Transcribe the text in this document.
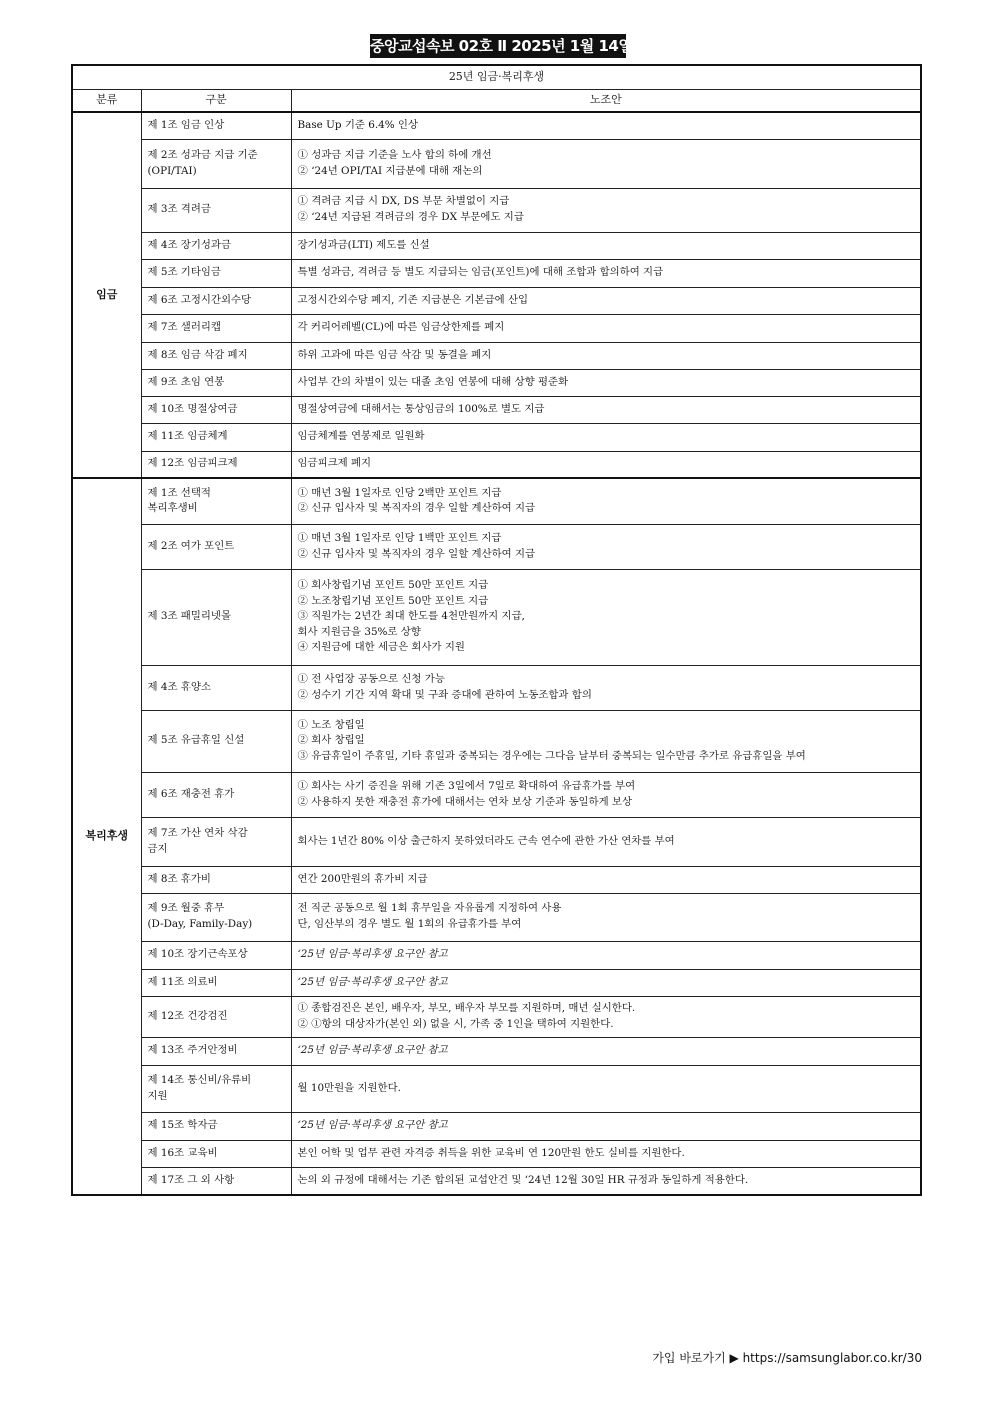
중앙교섭속보 02호 Ⅱ 2025년 1월 14일
25년 임금·복리후생		
분류	구분	노조안
임금	제 1조 임금 인상	Base Up 기준 6.4% 인상

	제 2조 성과금 지급 기준
(OPI/TAI)	① 성과금 지급 기준을 노사 합의 하에 개선
② ‘24년 OPI/TAI 지급분에 대해 재논의

	제 3조 격려금	① 격려금 지급 시 DX, DS 부문 차별없이 지급
② ‘24년 지급된 격려금의 경우 DX 부문에도 지급

	제 4조 장기성과금	장기성과금(LTI) 제도를 신설

	제 5조 기타임금	특별 성과금, 격려금 등 별도 지급되는 임금(포인트)에 대해 조합과 합의하여 지급

	제 6조 고정시간외수당	고정시간외수당 폐지, 기존 지급분은 기본급에 산입

	제 7조 샐러리캡	각 커리어레벨(CL)에 따른 임금상한제를 폐지

	제 8조 임금 삭감 폐지	하위 고과에 따른 임금 삭감 및 동결을 폐지

	제 9조 초임 연봉	사업부 간의 차별이 있는 대졸 초임 연봉에 대해 상향 평준화

	제 10조 명절상여금	명절상여금에 대해서는 통상임금의 100%로 별도 지급

	제 11조 임금체계	임금체계를 연봉제로 일원화

	제 12조 임금피크제	임금피크제 폐지

복리후생	제 1조 선택적
복리후생비	① 매년 3월 1일자로 인당 2백만 포인트 지급
② 신규 입사자 및 복직자의 경우 일할 계산하여 지급

	제 2조 여가 포인트	① 매년 3월 1일자로 인당 1백만 포인트 지급
② 신규 입사자 및 복직자의 경우 일할 계산하여 지급

	제 3조 패밀리넷몰	① 회사창립기념 포인트 50만 포인트 지급
② 노조창립기념 포인트 50만 포인트 지급
③ 직원가는 2년간 최대 한도를 4천만원까지 지급,
회사 지원금을 35%로 상향
④ 지원금에 대한 세금은 회사가 지원

	제 4조 휴양소	① 전 사업장 공동으로 신청 가능
② 성수기 기간 지역 확대 및 구좌 증대에 관하여 노동조합과 합의

	제 5조 유급휴일 신설	① 노조 창립일
② 회사 창립일
③ 유급휴일이 주휴일, 기타 휴일과 중복되는 경우에는 그다음 날부터 중복되는 일수만큼 추가로 유급휴일을 부여

	제 6조 재충전 휴가	① 회사는 사기 증진을 위해 기존 3일에서 7일로 확대하여 유급휴가를 부여
② 사용하지 못한 재충전 휴가에 대해서는 연차 보상 기준과 동일하게 보상

	제 7조 가산 연차 삭감
금지	회사는 1년간 80% 이상 출근하지 못하였더라도 근속 연수에 관한 가산 연차를 부여

	제 8조 휴가비	연간 200만원의 휴가비 지급

	제 9조 월중 휴무
(D-Day, Family-Day)	전 직군 공동으로 월 1회 휴무일을 자유롭게 지정하여 사용
단, 임산부의 경우 별도 월 1회의 유급휴가를 부여

	제 10조 장기근속포상	‘25년 임금·복리후생 요구안 참고

	제 11조 의료비	‘25년 임금·복리후생 요구안 참고

	제 12조 건강검진	① 종합검진은 본인, 배우자, 부모, 배우자 부모를 지원하며, 매년 실시한다.
② ①항의 대상자가(본인 외) 없을 시, 가족 중 1인을 택하여 지원한다.

	제 13조 주거안정비	‘25년 임금·복리후생 요구안 참고

	제 14조 통신비/유류비
지원	월 10만원을 지원한다.

	제 15조 학자금	‘25년 임금·복리후생 요구안 참고

	제 16조 교육비	본인 어학 및 업무 관련 자격증 취득을 위한 교육비 연 120만원 한도 실비를 지원한다.

	제 17조 그 외 사항	논의 외 규정에 대해서는 기존 합의된 교섭안건 및 ‘24년 12월 30일 HR 규정과 동일하게 적용한다.
가입 바로가기 ▶ https://samsunglabor.co.kr/30
